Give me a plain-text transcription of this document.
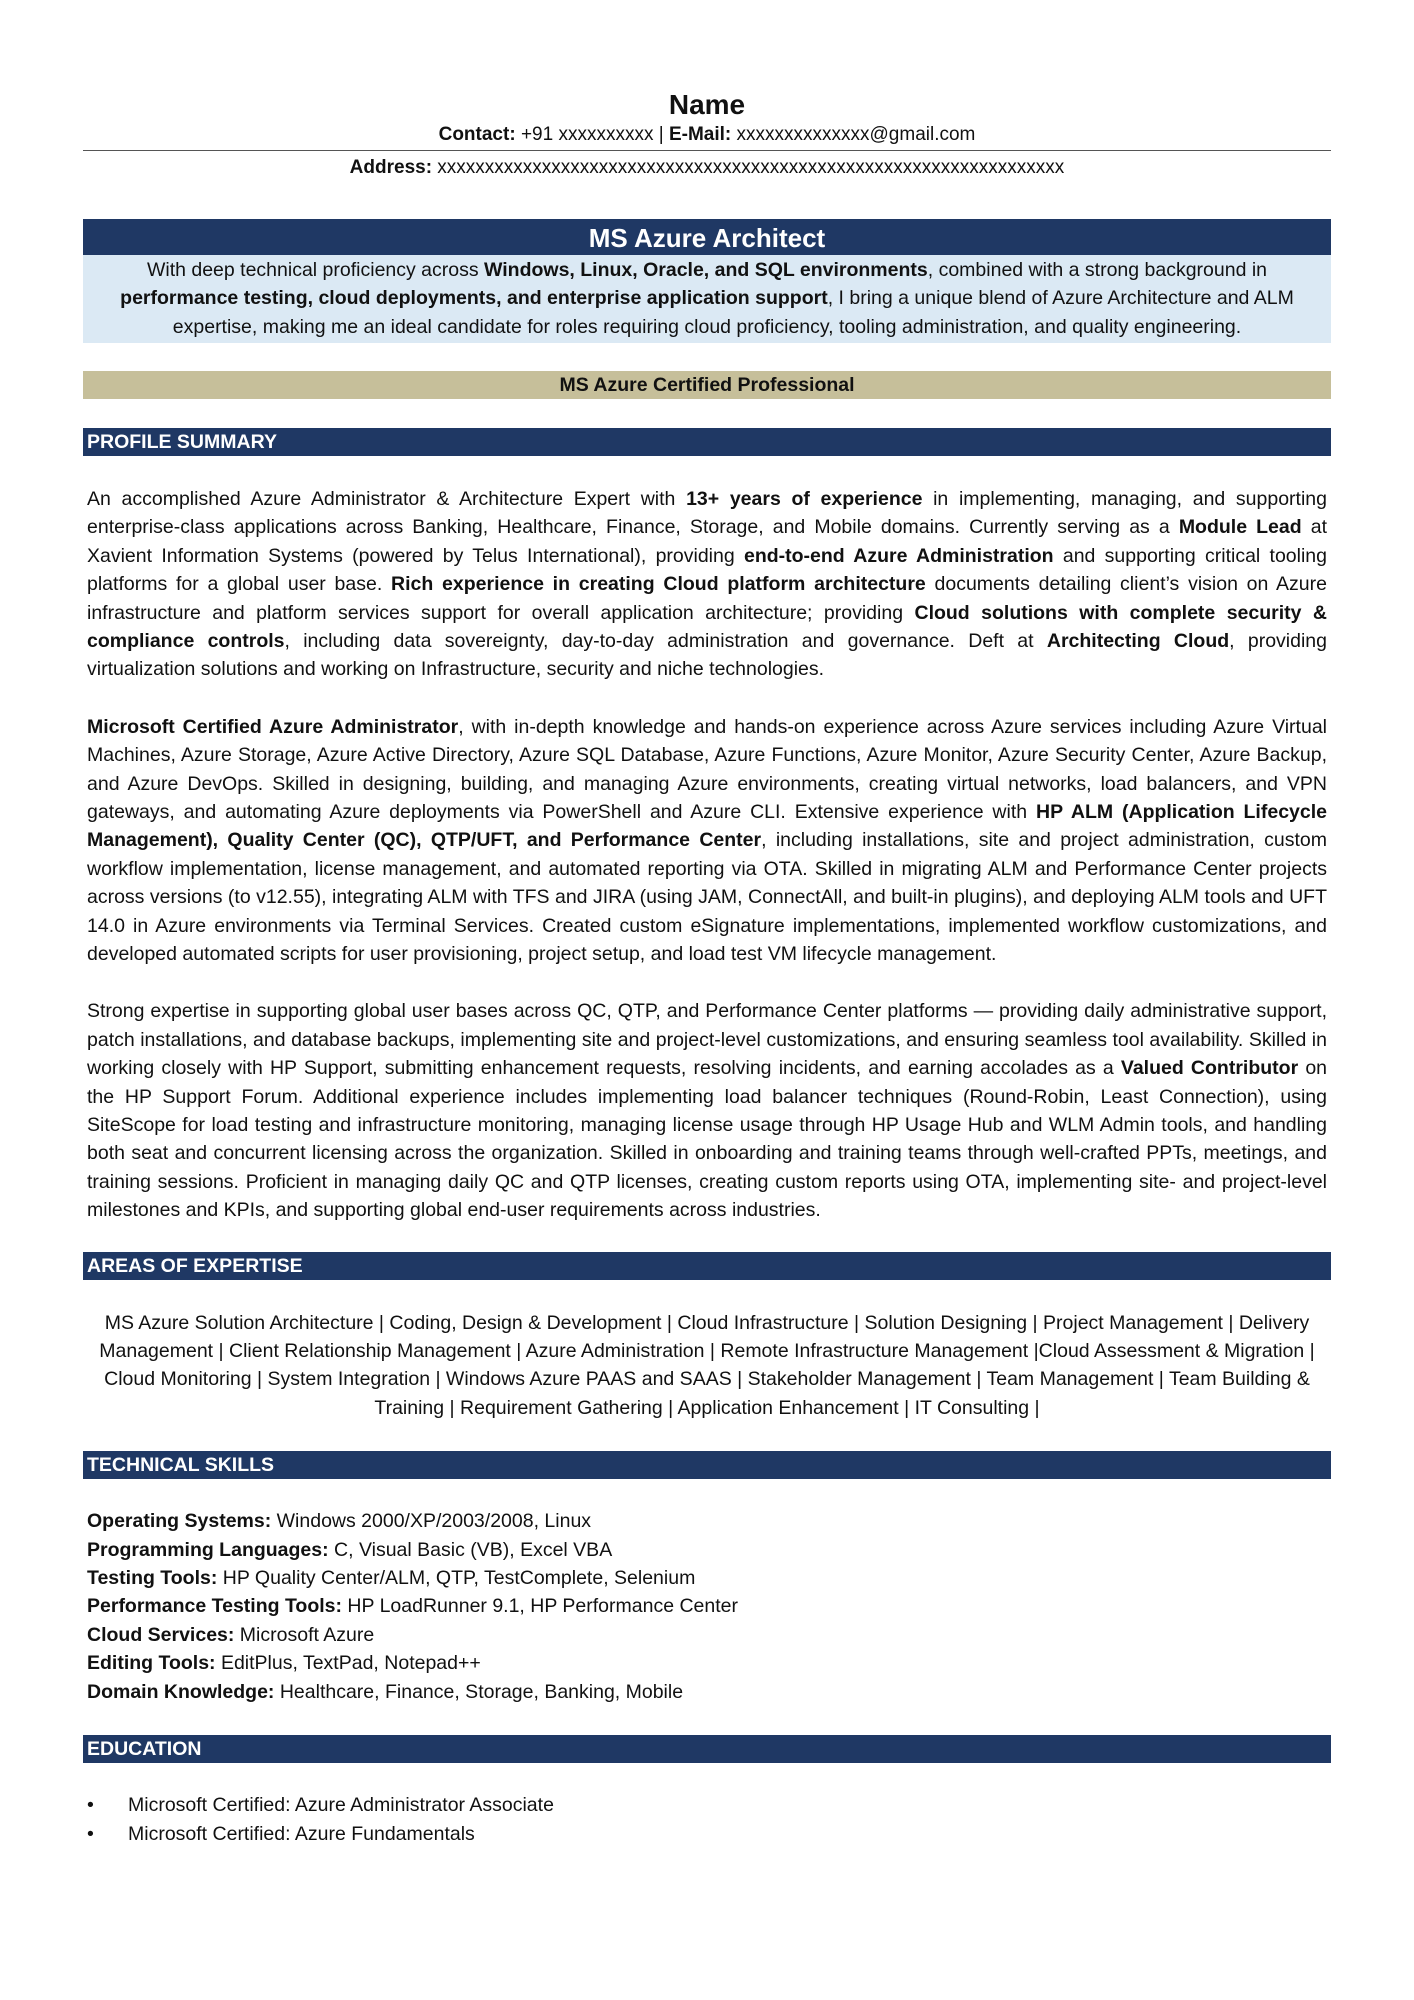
Name
Contact: +91 xxxxxxxxxx | E-Mail: xxxxxxxxxxxxxx@gmail.com
Address: xxxxxxxxxxxxxxxxxxxxxxxxxxxxxxxxxxxxxxxxxxxxxxxxxxxxxxxxxxxxxxxxxx
MS Azure Architect
With deep technical proficiency across Windows, Linux, Oracle, and SQL environments, combined with a strong background in performance testing, cloud deployments, and enterprise application support, I bring a unique blend of Azure Architecture and ALM expertise, making me an ideal candidate for roles requiring cloud proficiency, tooling administration, and quality engineering.
MS Azure Certified Professional
PROFILE SUMMARY
An accomplished Azure Administrator & Architecture Expert with 13+ years of experience in implementing, managing, and supporting enterprise-class applications across Banking, Healthcare, Finance, Storage, and Mobile domains. Currently serving as a Module Lead at Xavient Information Systems (powered by Telus International), providing end-to-end Azure Administration and supporting critical tooling platforms for a global user base. Rich experience in creating Cloud platform architecture documents detailing client’s vision on Azure infrastructure and platform services support for overall application architecture; providing Cloud solutions with complete security & compliance controls, including data sovereignty, day-to-day administration and governance. Deft at Architecting Cloud, providing virtualization solutions and working on Infrastructure, security and niche technologies.
Microsoft Certified Azure Administrator, with in-depth knowledge and hands-on experience across Azure services including Azure Virtual Machines, Azure Storage, Azure Active Directory, Azure SQL Database, Azure Functions, Azure Monitor, Azure Security Center, Azure Backup, and Azure DevOps. Skilled in designing, building, and managing Azure environments, creating virtual networks, load balancers, and VPN gateways, and automating Azure deployments via PowerShell and Azure CLI. Extensive experience with HP ALM (Application Lifecycle Management), Quality Center (QC), QTP/UFT, and Performance Center, including installations, site and project administration, custom workflow implementation, license management, and automated reporting via OTA. Skilled in migrating ALM and Performance Center projects across versions (to v12.55), integrating ALM with TFS and JIRA (using JAM, ConnectAll, and built-in plugins), and deploying ALM tools and UFT 14.0 in Azure environments via Terminal Services. Created custom eSignature implementations, implemented workflow customizations, and developed automated scripts for user provisioning, project setup, and load test VM lifecycle management.
Strong expertise in supporting global user bases across QC, QTP, and Performance Center platforms — providing daily administrative support, patch installations, and database backups, implementing site and project-level customizations, and ensuring seamless tool availability. Skilled in working closely with HP Support, submitting enhancement requests, resolving incidents, and earning accolades as a Valued Contributor on the HP Support Forum. Additional experience includes implementing load balancer techniques (Round-Robin, Least Connection), using SiteScope for load testing and infrastructure monitoring, managing license usage through HP Usage Hub and WLM Admin tools, and handling both seat and concurrent licensing across the organization. Skilled in onboarding and training teams through well-crafted PPTs, meetings, and training sessions. Proficient in managing daily QC and QTP licenses, creating custom reports using OTA, implementing site- and project-level milestones and KPIs, and supporting global end-user requirements across industries.
AREAS OF EXPERTISE
MS Azure Solution Architecture | Coding, Design & Development | Cloud Infrastructure | Solution Designing | Project Management | Delivery Management | Client Relationship Management | Azure Administration | Remote Infrastructure Management |Cloud Assessment & Migration | Cloud Monitoring | System Integration | Windows Azure PAAS and SAAS | Stakeholder Management | Team Management | Team Building & Training | Requirement Gathering | Application Enhancement | IT Consulting |
TECHNICAL SKILLS
Operating Systems: Windows 2000/XP/2003/2008, Linux
Programming Languages: C, Visual Basic (VB), Excel VBA
Testing Tools: HP Quality Center/ALM, QTP, TestComplete, Selenium
Performance Testing Tools: HP LoadRunner 9.1, HP Performance Center
Cloud Services: Microsoft Azure
Editing Tools: EditPlus, TextPad, Notepad++
Domain Knowledge: Healthcare, Finance, Storage, Banking, Mobile
EDUCATION
• Microsoft Certified: Azure Administrator Associate
• Microsoft Certified: Azure Fundamentals
